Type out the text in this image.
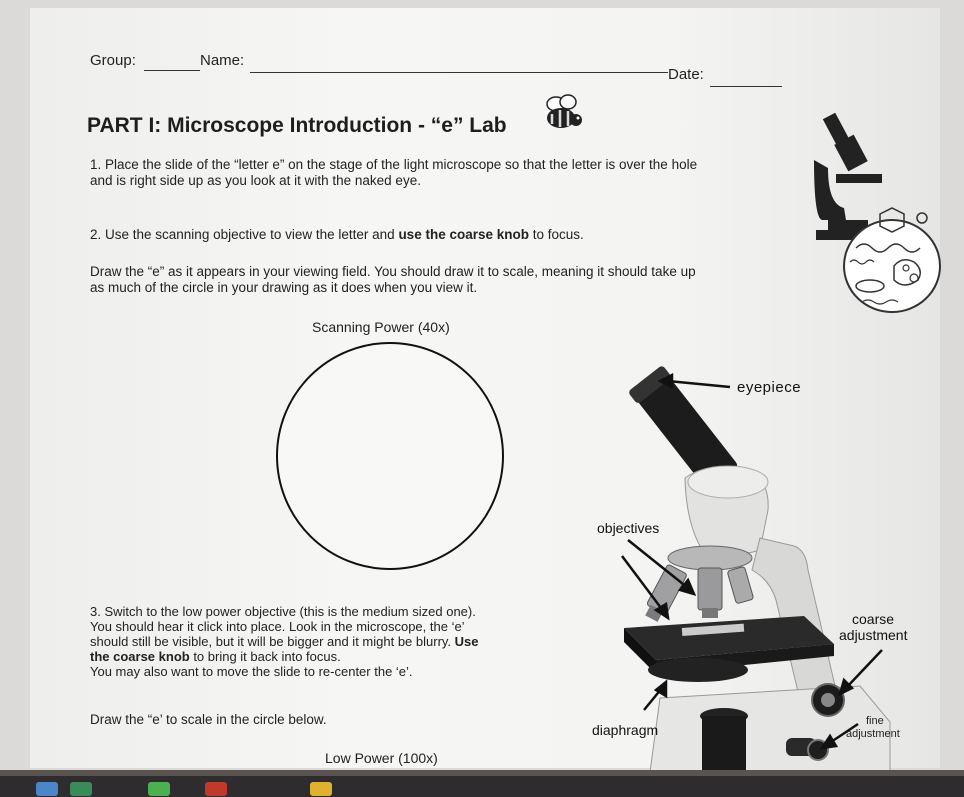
Group:	Name:
Date:
PART I: Microscope Introduction - “e” Lab
1. Place the slide of the “letter e” on the stage of the light microscope so that the letter is over the hole
and is right side up as you look at it with the naked eye.
2. Use the scanning objective to view the letter and use the coarse knob to focus.
Draw the “e” as it appears in your viewing field. You should draw it to scale, meaning it should take up
as much of the circle in your drawing as it does when you view it.
Scanning Power (40x)
eyepiece
objectives
coarse
adjustment
diaphragm
fine
adjustment
3. Switch to the low power objective (this is the medium sized one).
You should hear it click into place. Look in the microscope, the ‘e’
should still be visible, but it will be bigger and it might be blurry. Use
the coarse knob to bring it back into focus.
You may also want to move the slide to re-center the ‘e’.
Draw the “e’ to scale in the circle below.
Low Power (100x)
